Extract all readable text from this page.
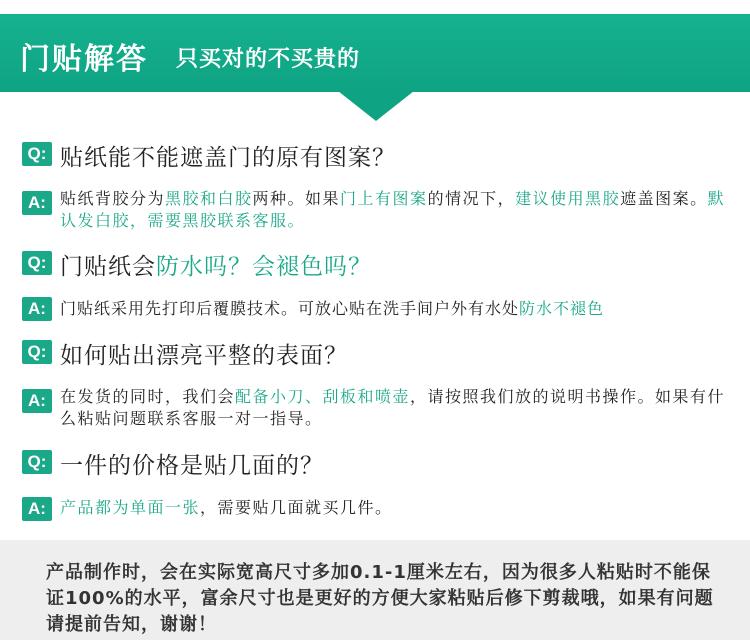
门贴解答 只买对的不买贵的
Q: 贴纸能不能遮盖门的原有图案？
A: 贴纸背胶分为黑胶和白胶两种。如果门上有图案的情况下，建议使用黑胶遮盖图案。默认发白胶，需要黑胶联系客服。
Q: 门贴纸会防水吗？会褪色吗？
A: 门贴纸采用先打印后覆膜技术。可放心贴在洗手间户外有水处防水不褪色
Q: 如何贴出漂亮平整的表面？
A: 在发货的同时，我们会配备小刀、刮板和喷壶，请按照我们放的说明书操作。如果有什么粘贴问题联系客服一对一指导。
Q: 一件的价格是贴几面的？
A: 产品都为单面一张，需要贴几面就买几件。
产品制作时，会在实际宽高尺寸多加0.1-1厘米左右，因为很多人粘贴时不能保证100%的水平，富余尺寸也是更好的方便大家粘贴后修下剪裁哦，如果有问题请提前告知，谢谢！
